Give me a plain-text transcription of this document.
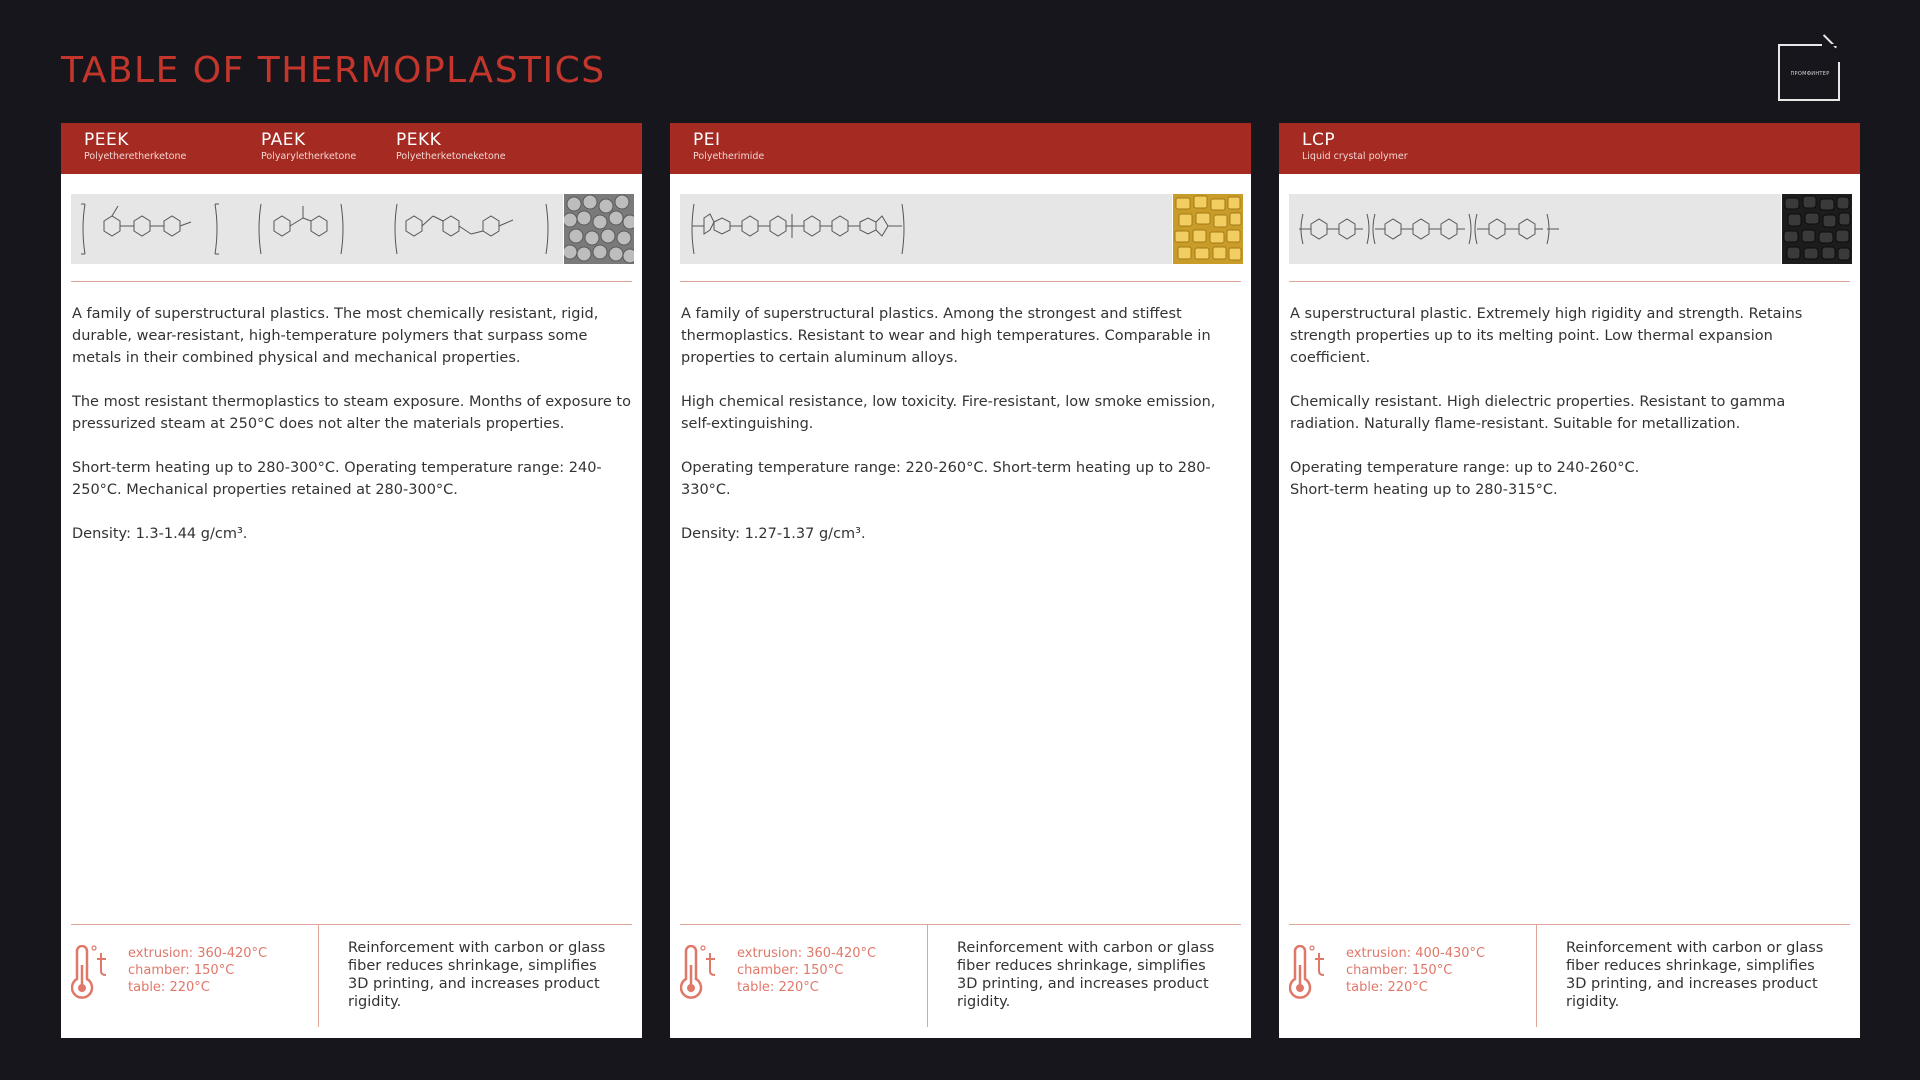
TABLE OF THERMOPLASTICS	ПРОМФИНТЕР
PEEK
Polyetheretherketone
PAEK
Polyaryletherketone
PEKK
Polyetherketoneketone

A family of superstructural plastics. The most chemically resistant, rigid, durable, wear-resistant, high-temperature polymers that surpass some metals in their combined physical and mechanical properties.

The most resistant thermoplastics to steam exposure. Months of exposure to pressurized steam at 250°C does not alter the materials properties.

Short-term heating up to 280-300°C. Operating temperature range: 240-250°C. Mechanical properties retained at 280-300°C.

Density: 1.3-1.44 g/cm³.

extrusion: 360-420°C
chamber: 150°C
table: 220°C
Reinforcement with carbon or glass fiber reduces shrinkage, simplifies 3D printing, and increases product rigidity.
PEI
Polyetherimide

A family of superstructural plastics. Among the strongest and stiffest thermoplastics. Resistant to wear and high temperatures. Comparable in properties to certain aluminum alloys.

High chemical resistance, low toxicity. Fire-resistant, low smoke emission, self-extinguishing.

Operating temperature range: 220-260°C. Short-term heating up to 280-330°C.

Density: 1.27-1.37 g/cm³.

extrusion: 360-420°C
chamber: 150°C
table: 220°C
Reinforcement with carbon or glass fiber reduces shrinkage, simplifies 3D printing, and increases product rigidity.
LCP
Liquid crystal polymer

A superstructural plastic. Extremely high rigidity and strength. Retains strength properties up to its melting point. Low thermal expansion coefficient.

Chemically resistant. High dielectric properties. Resistant to gamma radiation. Naturally flame-resistant. Suitable for metallization.

Operating temperature range: up to 240-260°C.
Short-term heating up to 280-315°C.

extrusion: 400-430°C
chamber: 150°C
table: 220°C
Reinforcement with carbon or glass fiber reduces shrinkage, simplifies 3D printing, and increases product rigidity.
